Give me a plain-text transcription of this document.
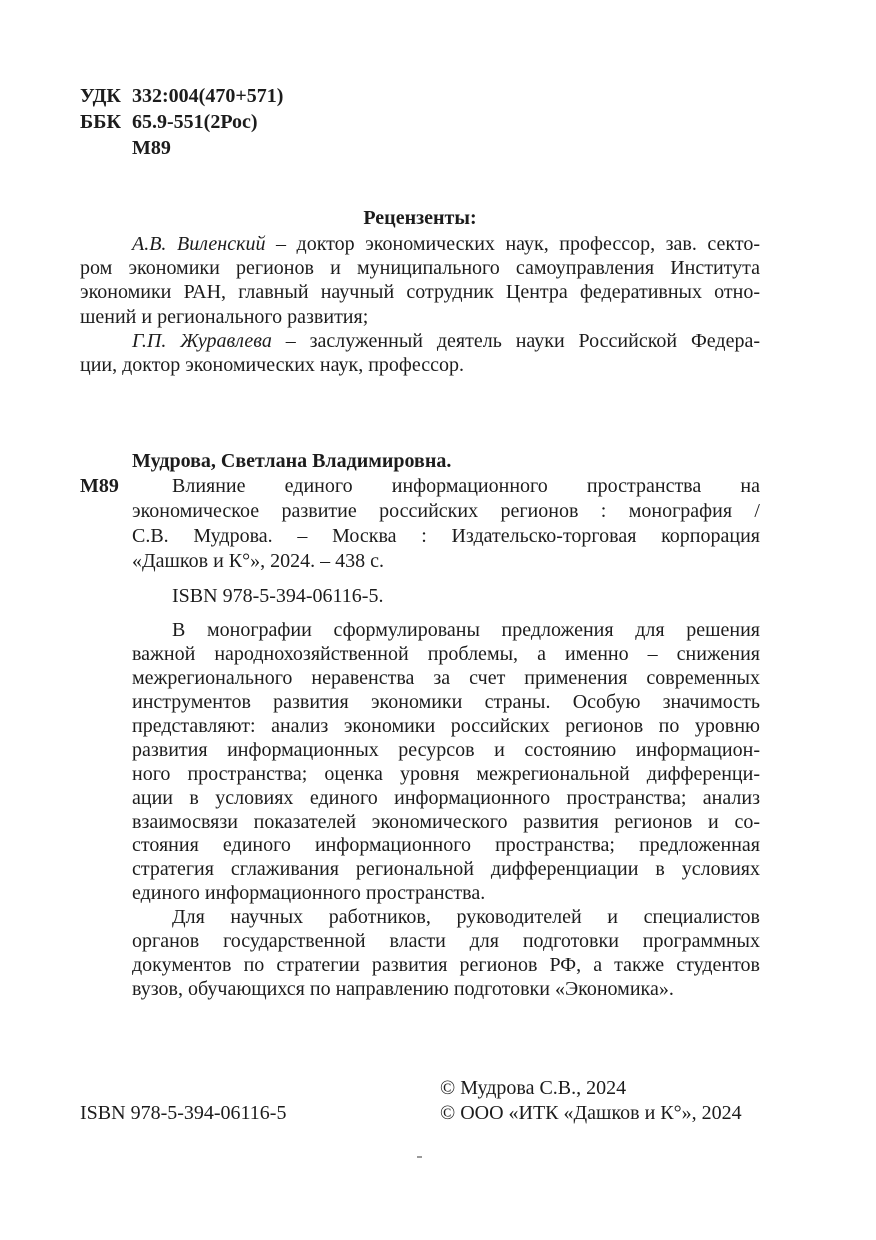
УДК 332:004(470+571)
ББК 65.9-551(2Рос)
М89
Рецензенты:
А.В. Виленский – доктор экономических наук, профессор, зав. секто-
ром экономики регионов и муниципального самоуправления Института
экономики РАН, главный научный сотрудник Центра федеративных отно-
шений и регионального развития;
Г.П. Журавлева – заслуженный деятель науки Российской Федера-
ции, доктор экономических наук, профессор.
Мудрова, Светлана Владимировна.
Влияние единого информационного пространства на
экономическое развитие российских регионов : монография /
С.В. Мудрова. – Москва : Издательско-торговая корпорация
«Дашков и К°», 2024. – 438 с.
М89
ISBN 978-5-394-06116-5.
В монографии сформулированы предложения для решения
важной народнохозяйственной проблемы, а именно – снижения
межрегионального неравенства за счет применения современных
инструментов развития экономики страны. Особую значимость
представляют: анализ экономики российских регионов по уровню
развития информационных ресурсов и состоянию информацион-
ного пространства; оценка уровня межрегиональной дифференци-
ации в условиях единого информационного пространства; анализ
взаимосвязи показателей экономического развития регионов и со-
стояния единого информационного пространства; предложенная
стратегия сглаживания региональной дифференциации в условиях
единого информационного пространства.
Для научных работников, руководителей и специалистов
органов государственной власти для подготовки программных
документов по стратегии развития регионов РФ, а также студентов
вузов, обучающихся по направлению подготовки «Экономика».
© Мудрова С.В., 2024
ISBN 978-5-394-06116-5	© ООО «ИТК «Дашков и К°», 2024
